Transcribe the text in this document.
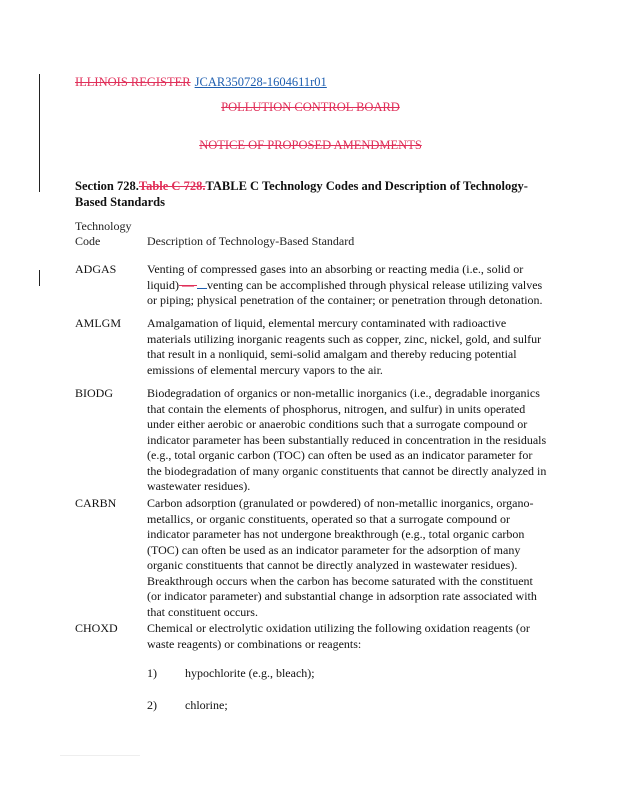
ILLINOIS REGISTER JCAR350728-1604611r01
POLLUTION CONTROL BOARD
NOTICE OF PROPOSED AMENDMENTS
Section 728.Table C 728.TABLE C Technology Codes and Description of Technology-Based Standards
Technology
Code	Description of Technology-Based Standard
ADGAS	Venting of compressed gases into an absorbing or reacting media (i.e., solid or liquid) — venting can be accomplished through physical release utilizing valves or piping; physical penetration of the container; or penetration through detonation.
AMLGM	Amalgamation of liquid, elemental mercury contaminated with radioactive materials utilizing inorganic reagents such as copper, zinc, nickel, gold, and sulfur that result in a nonliquid, semi-solid amalgam and thereby reducing potential emissions of elemental mercury vapors to the air.
BIODG	Biodegradation of organics or non-metallic inorganics (i.e., degradable inorganics that contain the elements of phosphorus, nitrogen, and sulfur) in units operated under either aerobic or anaerobic conditions such that a surrogate compound or indicator parameter has been substantially reduced in concentration in the residuals (e.g., total organic carbon (TOC) can often be used as an indicator parameter for the biodegradation of many organic constituents that cannot be directly analyzed in wastewater residues).
CARBN	Carbon adsorption (granulated or powdered) of non-metallic inorganics, organo-metallics, or organic constituents, operated so that a surrogate compound or indicator parameter has not undergone breakthrough (e.g., total organic carbon (TOC) can often be used as an indicator parameter for the adsorption of many organic constituents that cannot be directly analyzed in wastewater residues). Breakthrough occurs when the carbon has become saturated with the constituent (or indicator parameter) and substantial change in adsorption rate associated with that constituent occurs.
CHOXD	Chemical or electrolytic oxidation utilizing the following oxidation reagents (or waste reagents) or combinations or reagents:
1) hypochlorite (e.g., bleach);
2) chlorine;
